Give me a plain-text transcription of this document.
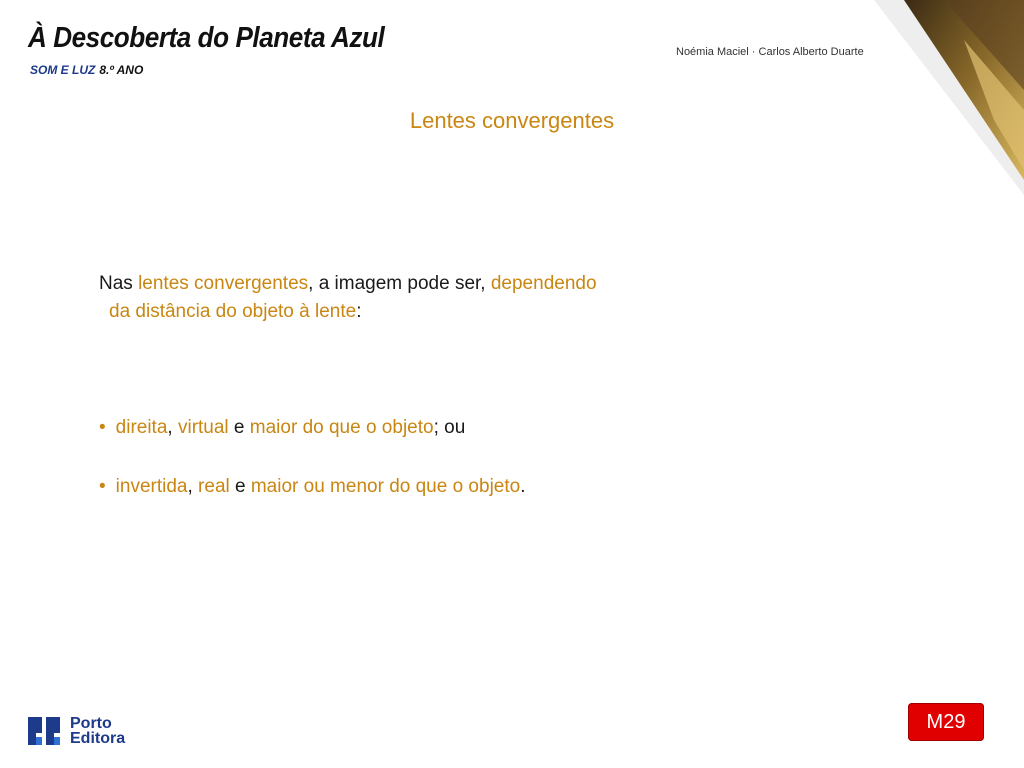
À Descoberta do Planeta Azul
SOM E LUZ 8.º ANO
Noémia Maciel · Carlos Alberto Duarte
Lentes convergentes
Nas lentes convergentes, a imagem pode ser, dependendo
da distância do objeto à lente:
• direita, virtual e maior do que o objeto; ou
• invertida, real e maior ou menor do que o objeto.
Porto
Editora
M29
